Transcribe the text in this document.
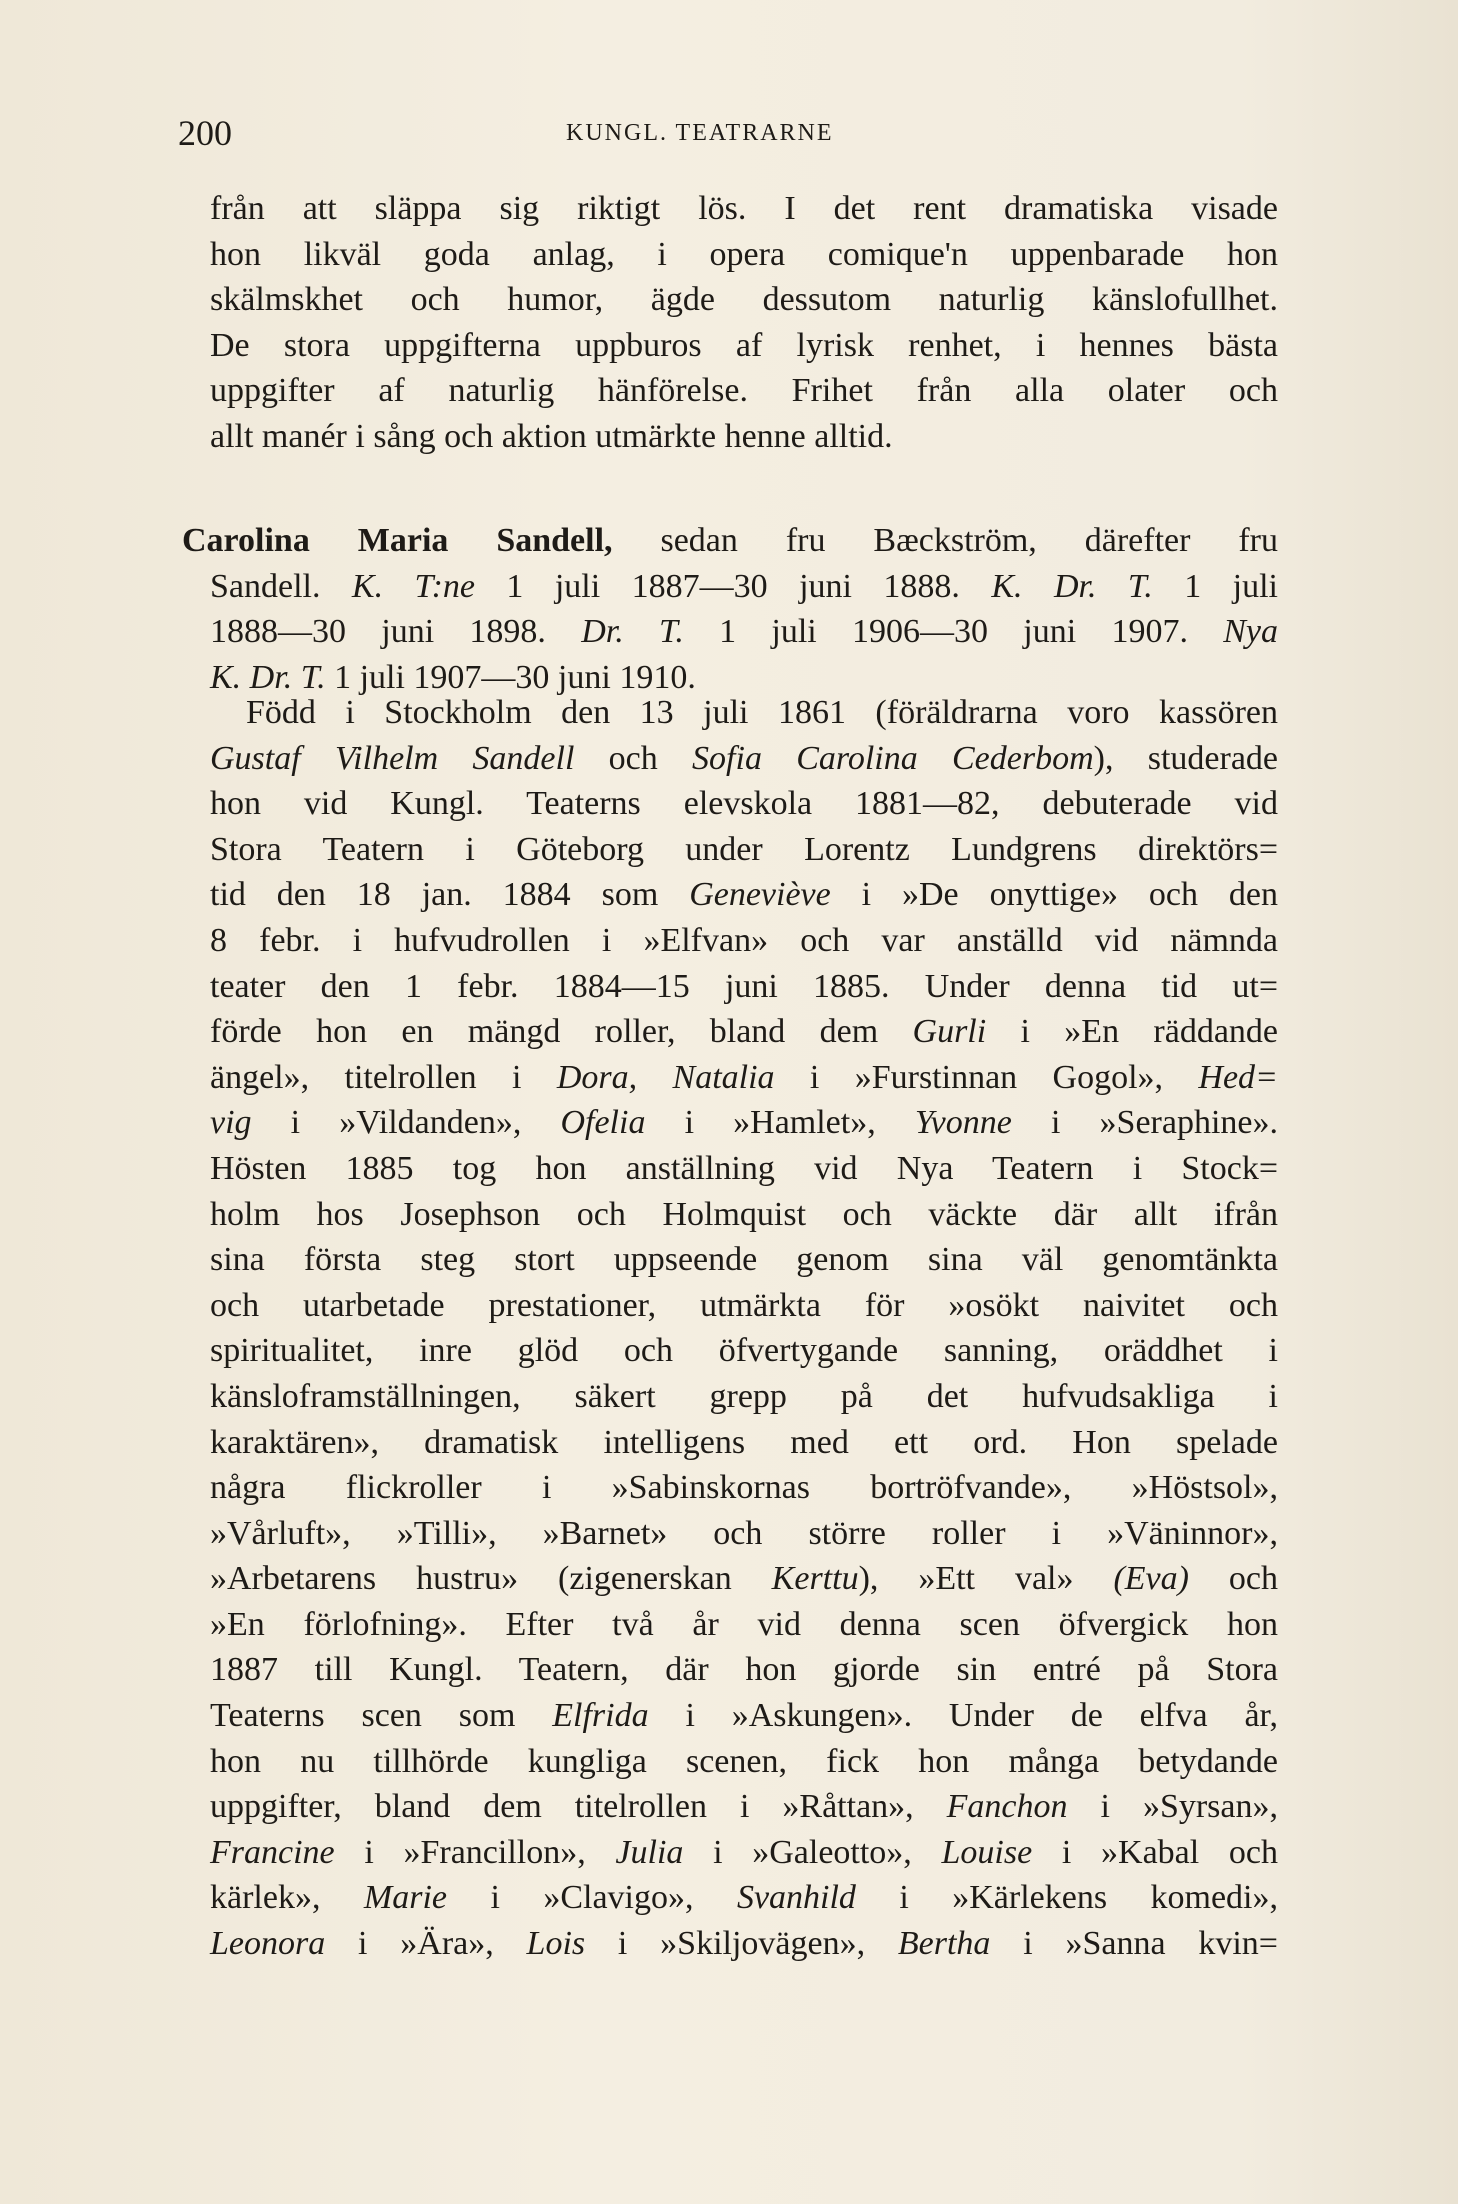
200	KUNGL. TEATRARNE
från att släppa sig riktigt lös. I det rent dramatiska visade
hon likväl goda anlag, i opera comique'n uppenbarade hon
skälmskhet och humor, ägde dessutom naturlig känslofullhet.
De stora uppgifterna uppburos af lyrisk renhet, i hennes bästa
uppgifter af naturlig hänförelse. Frihet från alla olater och
allt manér i sång och aktion utmärkte henne alltid.
Carolina Maria Sandell, sedan fru Bæckström, därefter fru
Sandell. K. T:ne 1 juli 1887—30 juni 1888. K. Dr. T. 1 juli
1888—30 juni 1898. Dr. T. 1 juli 1906—30 juni 1907. Nya
K. Dr. T. 1 juli 1907—30 juni 1910.
Född i Stockholm den 13 juli 1861 (föräldrarna voro kassören
Gustaf Vilhelm Sandell och Sofia Carolina Cederbom), studerade
hon vid Kungl. Teaterns elevskola 1881—82, debuterade vid
Stora Teatern i Göteborg under Lorentz Lundgrens direktörs=
tid den 18 jan. 1884 som Geneviève i »De onyttige» och den
8 febr. i hufvudrollen i »Elfvan» och var anställd vid nämnda
teater den 1 febr. 1884—15 juni 1885. Under denna tid ut=
förde hon en mängd roller, bland dem Gurli i »En räddande
ängel», titelrollen i Dora, Natalia i »Furstinnan Gogol», Hed=
vig i »Vildanden», Ofelia i »Hamlet», Yvonne i »Seraphine».
Hösten 1885 tog hon anställning vid Nya Teatern i Stock=
holm hos Josephson och Holmquist och väckte där allt ifrån
sina första steg stort uppseende genom sina väl genomtänkta
och utarbetade prestationer, utmärkta för »osökt naivitet och
spiritualitet, inre glöd och öfvertygande sanning, oräddhet i
känsloframställningen, säkert grepp på det hufvudsakliga i
karaktären», dramatisk intelligens med ett ord. Hon spelade
några flickroller i »Sabinskornas bortröfvande», »Höstsol»,
»Vårluft», »Tilli», »Barnet» och större roller i »Väninnor»,
»Arbetarens hustru» (zigenerskan Kerttu), »Ett val» (Eva) och
»En förlofning». Efter två år vid denna scen öfvergick hon
1887 till Kungl. Teatern, där hon gjorde sin entré på Stora
Teaterns scen som Elfrida i »Askungen». Under de elfva år,
hon nu tillhörde kungliga scenen, fick hon många betydande
uppgifter, bland dem titelrollen i »Råttan», Fanchon i »Syrsan»,
Francine i »Francillon», Julia i »Galeotto», Louise i »Kabal och
kärlek», Marie i »Clavigo», Svanhild i »Kärlekens komedi»,
Leonora i »Ära», Lois i »Skiljovägen», Bertha i »Sanna kvin=
